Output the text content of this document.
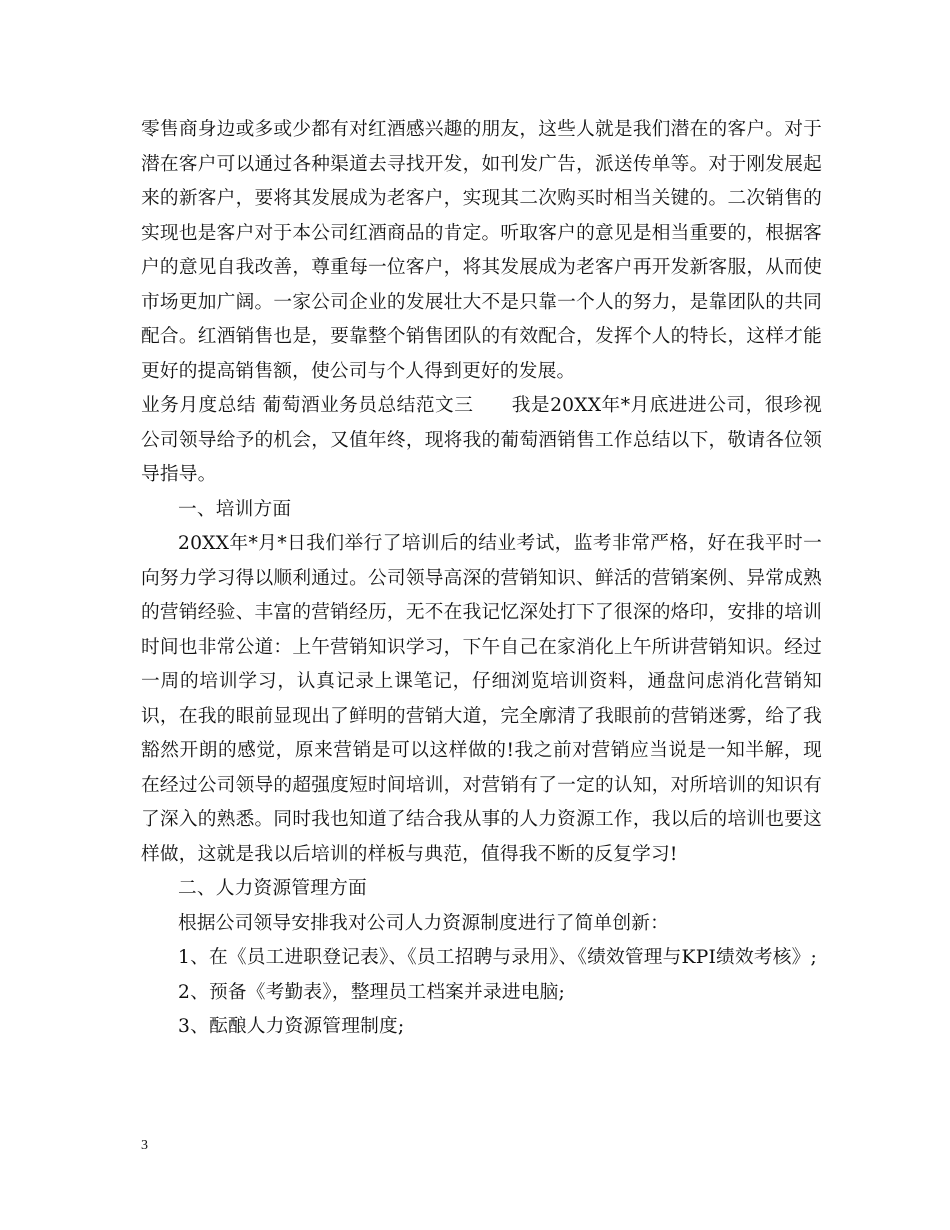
零售商身边或多或少都有对红酒感兴趣的朋友，这些人就是我们潜在的客户。对于潜在客户可以通过各种渠道去寻找开发，如刊发广告，派送传单等。对于刚发展起来的新客户，要将其发展成为老客户，实现其二次购买时相当关键的。二次销售的实现也是客户对于本公司红酒商品的肯定。听取客户的意见是相当重要的，根据客户的意见自我改善，尊重每一位客户，将其发展成为老客户再开发新客服，从而使市场更加广阔。一家公司企业的发展壮大不是只靠一个人的努力，是靠团队的共同配合。红酒销售也是，要靠整个销售团队的有效配合，发挥个人的特长，这样才能更好的提高销售额，使公司与个人得到更好的发展。

业务月度总结 葡萄酒业务员总结范文三　　我是20XX年*月底进进公司，很珍视公司领导给予的机会，又值年终，现将我的葡萄酒销售工作总结以下，敬请各位领导指导。

一、培训方面

20XX年*月*日我们举行了培训后的结业考试，监考非常严格，好在我平时一向努力学习得以顺利通过。公司领导高深的营销知识、鲜活的营销案例、异常成熟的营销经验、丰富的营销经历，无不在我记忆深处打下了很深的烙印，安排的培训时间也非常公道：上午营销知识学习，下午自己在家消化上午所讲营销知识。经过一周的培训学习，认真记录上课笔记，仔细浏览培训资料，通盘问虑消化营销知识，在我的眼前显现出了鲜明的营销大道，完全廓清了我眼前的营销迷雾，给了我豁然开朗的感觉，原来营销是可以这样做的!我之前对营销应当说是一知半解，现在经过公司领导的超强度短时间培训，对营销有了一定的认知，对所培训的知识有了深入的熟悉。同时我也知道了结合我从事的人力资源工作，我以后的培训也要这样做，这就是我以后培训的样板与典范，值得我不断的反复学习!

二、人力资源管理方面

根据公司领导安排我对公司人力资源制度进行了简单创新：

1、在《员工进职登记表》、《员工招聘与录用》、《绩效管理与KPI绩效考核》;

2、预备《考勤表》，整理员工档案并录进电脑;

3、酝酿人力资源管理制度;

3
